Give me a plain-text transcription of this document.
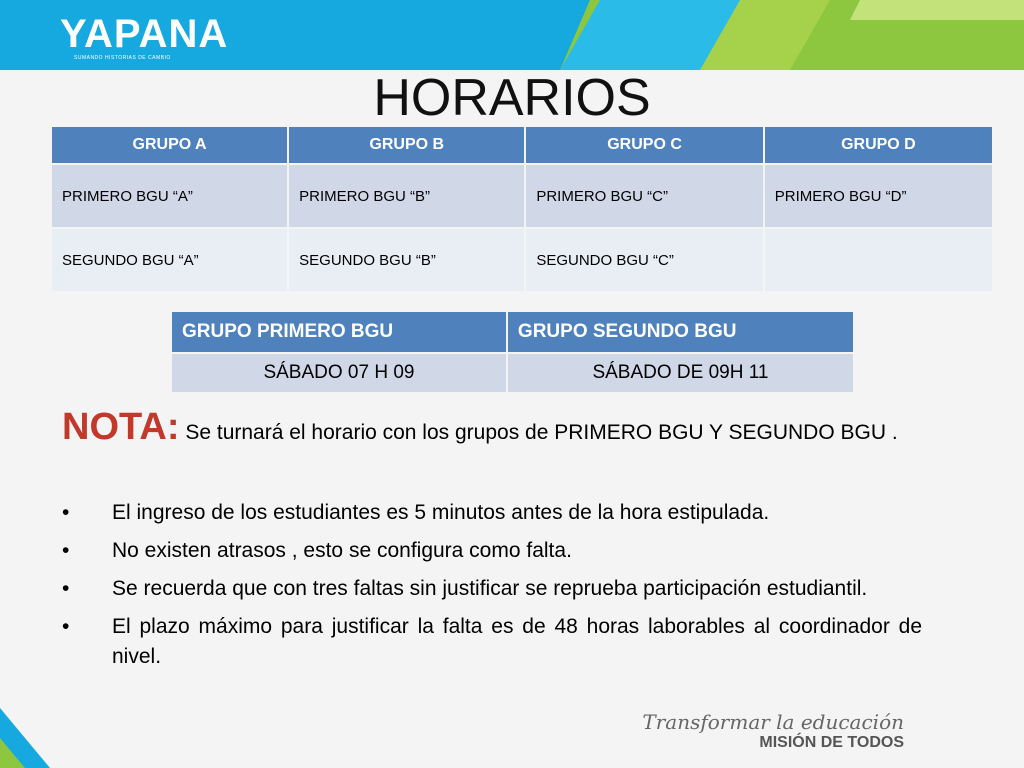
YAPANA
SUMANDO HISTORIAS DE CAMBIO
HORARIOS
GRUPO A	GRUPO B	GRUPO C	GRUPO D
PRIMERO BGU “A”	PRIMERO BGU “B”	PRIMERO BGU “C”	PRIMERO BGU “D”
SEGUNDO BGU “A”	SEGUNDO BGU “B”	SEGUNDO BGU “C”	
GRUPO PRIMERO BGU	GRUPO SEGUNDO BGU
SÁBADO 07 H 09	SÁBADO DE 09H 11
NOTA: Se turnará el horario con los grupos de PRIMERO BGU Y SEGUNDO BGU .
• El ingreso de los estudiantes es 5 minutos antes de la hora estipulada.
• No existen atrasos , esto se configura como falta.
• Se recuerda que con tres faltas sin justificar se reprueba participación estudiantil.
• El plazo máximo para justificar la falta es de 48 horas laborables al coordinador de nivel.
Transformar la educación
MISIÓN DE TODOS
